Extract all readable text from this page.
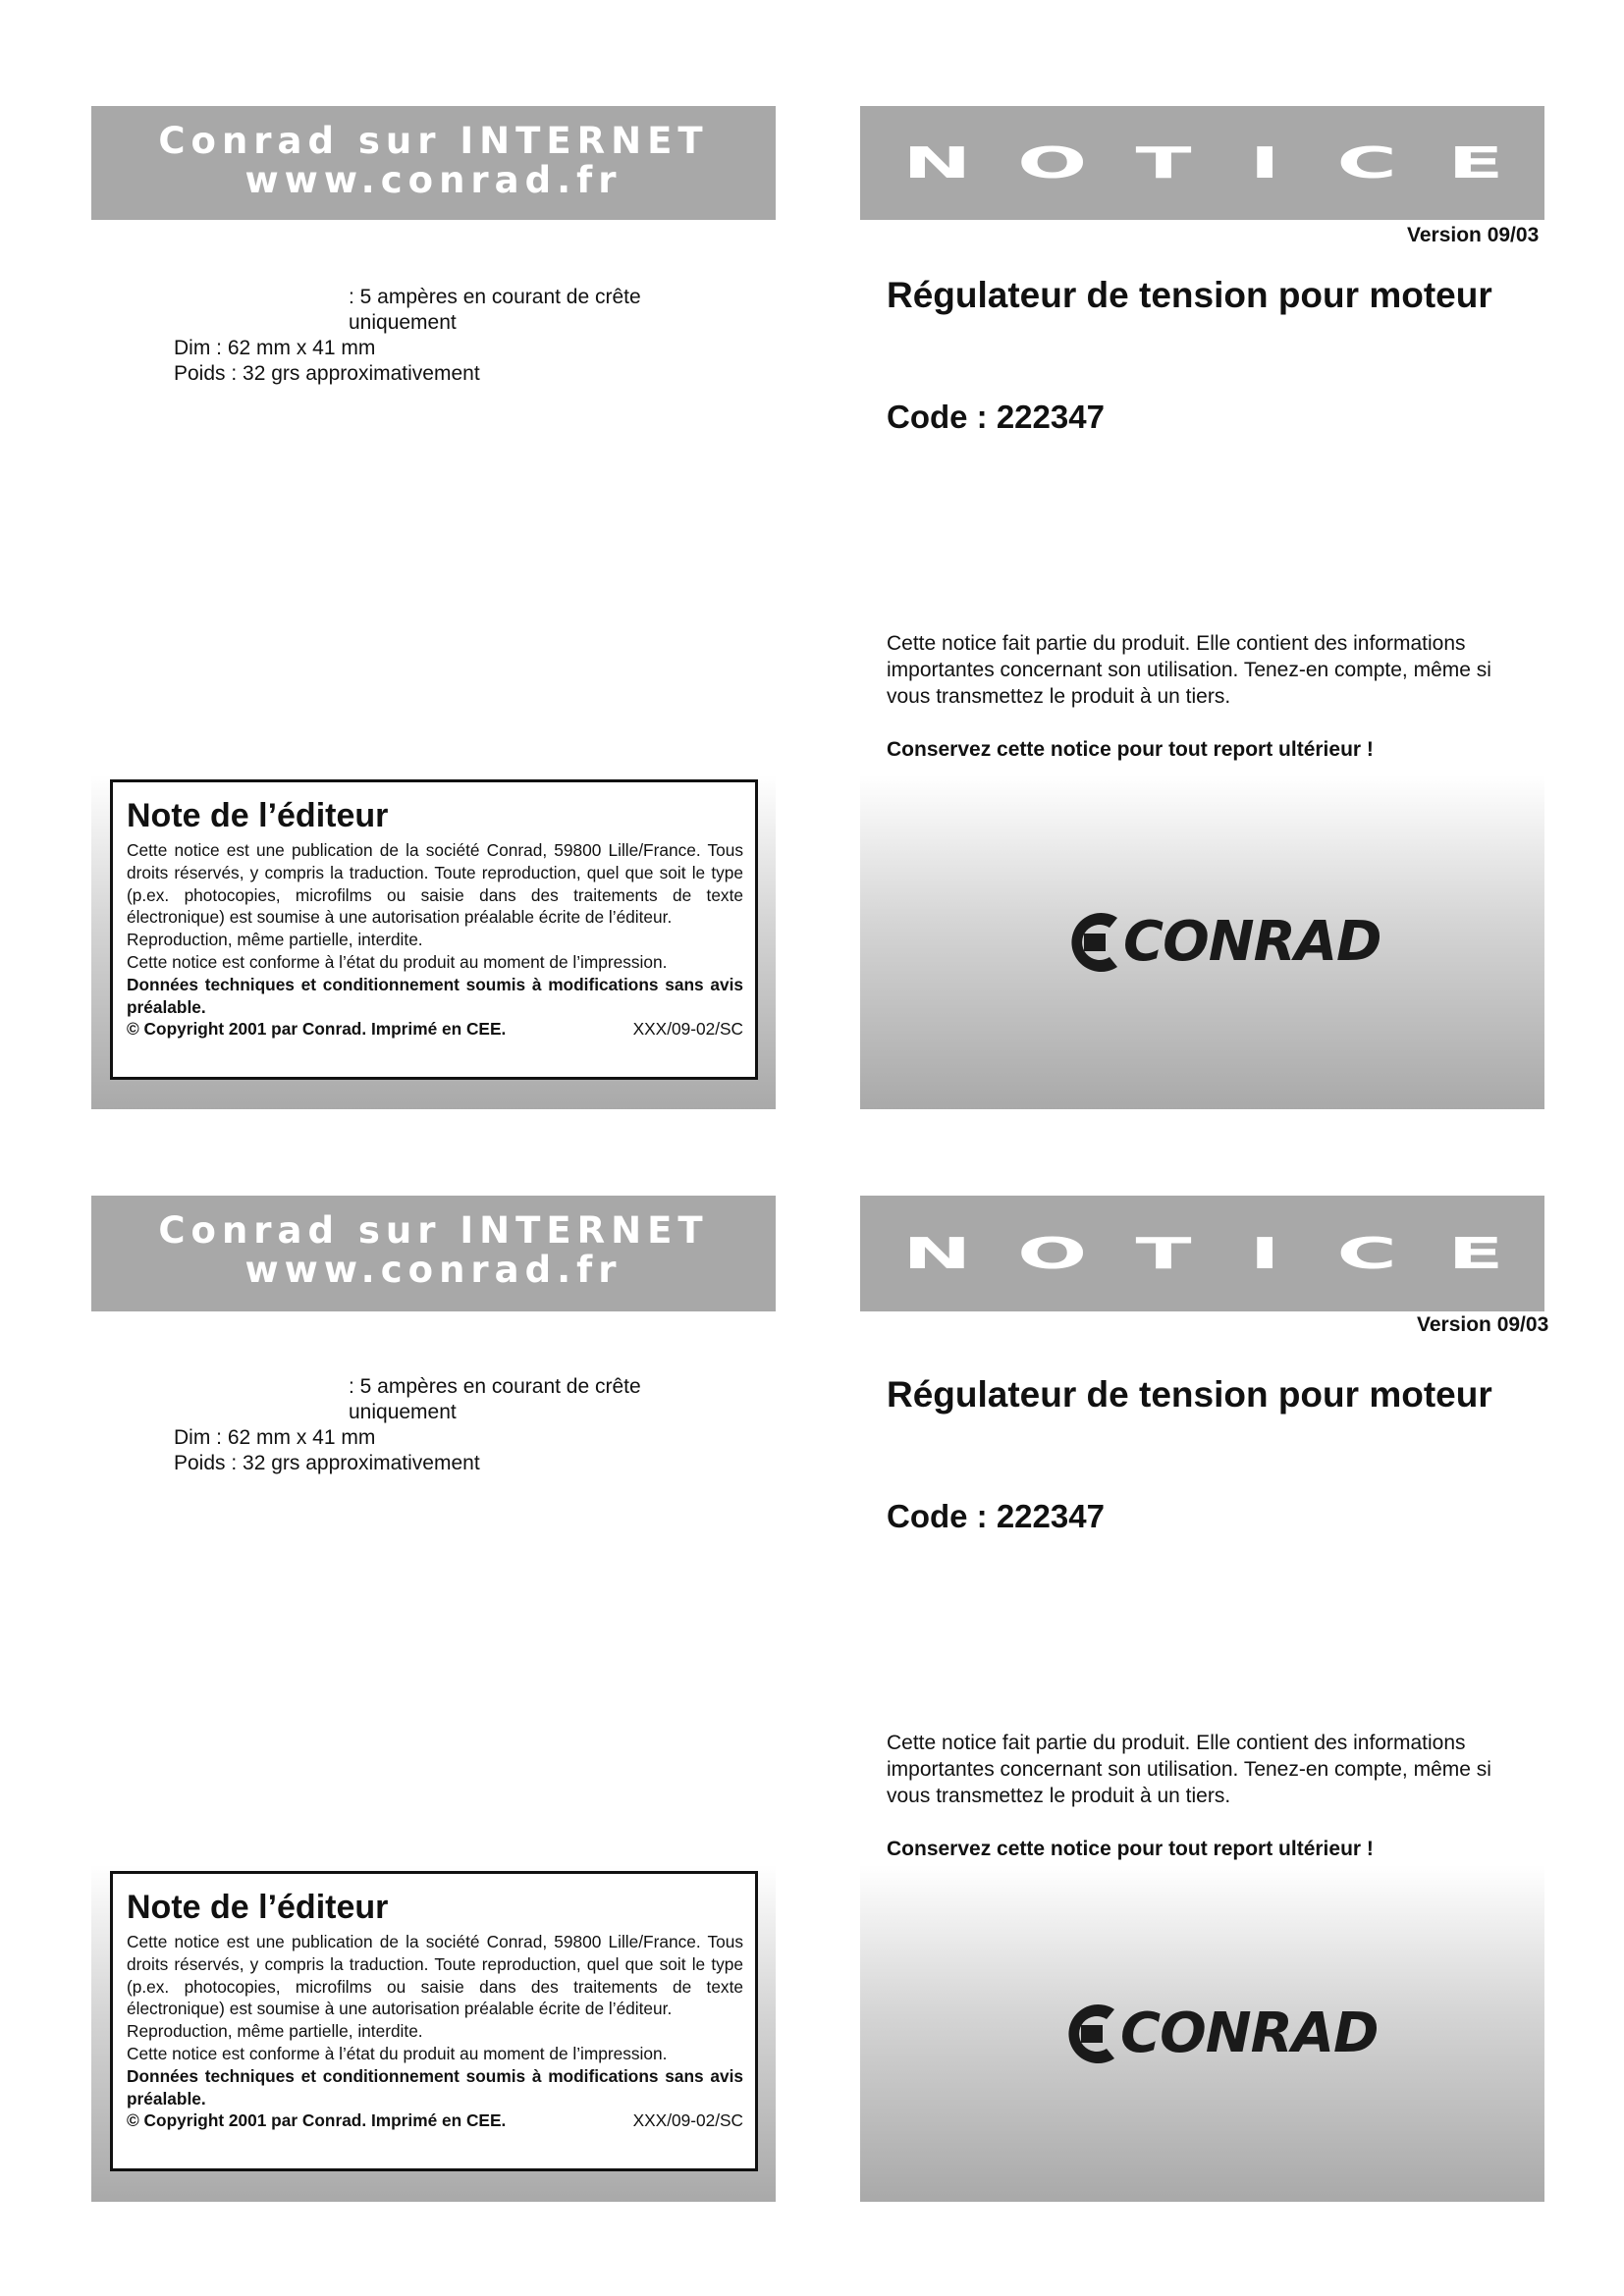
Conrad sur INTERNET
www.conrad.fr	N O T I C E
Version 09/03
: 5 ampères en courant de crête
uniquement
Dim : 62 mm x 41 mm
Poids : 32 grs approximativement
Régulateur de tension pour moteur
Code : 222347
Cette notice fait partie du produit. Elle contient des informations importantes concernant son utilisation. Tenez-en compte, même si vous transmettez le produit à un tiers.
Conservez cette notice pour tout report ultérieur !
Note de l’éditeur
Cette notice est une publication de la société Conrad, 59800 Lille/France. Tous droits réservés, y compris la traduction. Toute reproduction, quel que soit le type (p.ex. photocopies, microfilms ou saisie dans des traitements de texte électronique) est soumise à une autorisation préalable écrite de l’éditeur.
Reproduction, même partielle, interdite.
Cette notice est conforme à l’état du produit au moment de l’impression.
Données techniques et conditionnement soumis à modifications sans avis préalable.
© Copyright 2001 par Conrad. Imprimé en CEE.	XXX/09-02/SC
CONRAD
Conrad sur INTERNET
www.conrad.fr	N O T I C E
Version 09/03
: 5 ampères en courant de crête
uniquement
Dim : 62 mm x 41 mm
Poids : 32 grs approximativement
Régulateur de tension pour moteur
Code : 222347
Cette notice fait partie du produit. Elle contient des informations importantes concernant son utilisation. Tenez-en compte, même si vous transmettez le produit à un tiers.
Conservez cette notice pour tout report ultérieur !
Note de l’éditeur
Cette notice est une publication de la société Conrad, 59800 Lille/France. Tous droits réservés, y compris la traduction. Toute reproduction, quel que soit le type (p.ex. photocopies, microfilms ou saisie dans des traitements de texte électronique) est soumise à une autorisation préalable écrite de l’éditeur.
Reproduction, même partielle, interdite.
Cette notice est conforme à l’état du produit au moment de l’impression.
Données techniques et conditionnement soumis à modifications sans avis préalable.
© Copyright 2001 par Conrad. Imprimé en CEE.	XXX/09-02/SC
CONRAD
